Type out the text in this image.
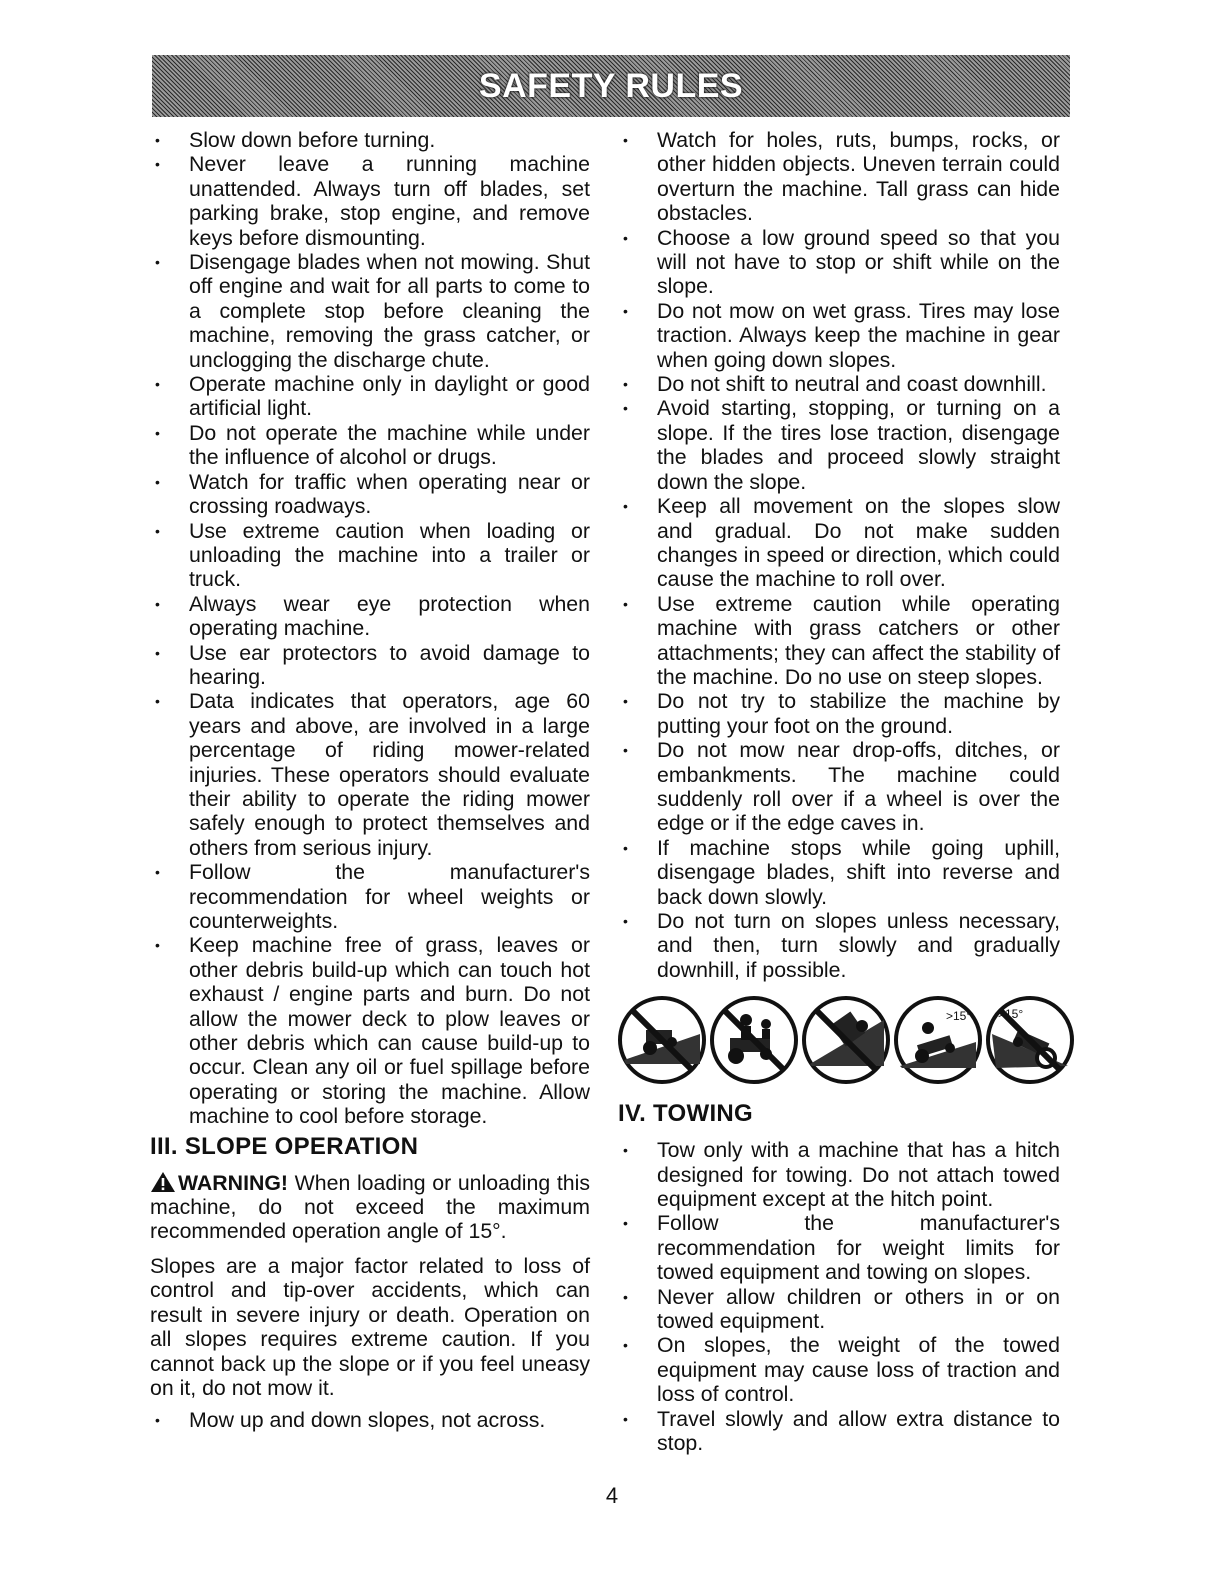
SAFETY RULES
• Slow down before turning.
• Never leave a running machine unattended. Always turn off blades, set parking brake, stop engine, and remove keys before dismounting.
• Disengage blades when not mowing. Shut off engine and wait for all parts to come to a complete stop before cleaning the machine, removing the grass catcher, or unclogging the discharge chute.
• Operate machine only in daylight or good artificial light.
• Do not operate the machine while under the influence of alcohol or drugs.
• Watch for traffic when operating near or crossing roadways.
• Use extreme caution when loading or unloading the machine into a trailer or truck.
• Always wear eye protection when operating machine.
• Use ear protectors to avoid damage to hearing.
• Data indicates that operators, age 60 years and above, are involved in a large percentage of riding mower-related injuries. These operators should evaluate their ability to operate the riding mower safely enough to protect themselves and others from serious injury.
• Follow the manufacturer's recommendation for wheel weights or counterweights.
• Keep machine free of grass, leaves or other debris build-up which can touch hot exhaust / engine parts and burn. Do not allow the mower deck to plow leaves or other debris which can cause build-up to occur. Clean any oil or fuel spillage before operating or storing the machine. Allow machine to cool before storage.
III. SLOPE OPERATION

WARNING! When loading or unloading this machine, do not exceed the maximum recommended operation angle of 15°.

Slopes are a major factor related to loss of control and tip-over accidents, which can result in severe injury or death. Operation on all slopes requires extreme caution. If you cannot back up the slope or if you feel uneasy on it, do not mow it.

• Mow up and down slopes, not across.
• Watch for holes, ruts, bumps, rocks, or other hidden objects. Uneven terrain could overturn the machine. Tall grass can hide obstacles.
• Choose a low ground speed so that you will not have to stop or shift while on the slope.
• Do not mow on wet grass. Tires may lose traction. Always keep the machine in gear when going down slopes.
• Do not shift to neutral and coast downhill.
• Avoid starting, stopping, or turning on a slope. If the tires lose traction, disengage the blades and proceed slowly straight down the slope.
• Keep all movement on the slopes slow and gradual. Do not make sudden changes in speed or direction, which could cause the machine to roll over.
• Use extreme caution while operating machine with grass catchers or other attachments; they can affect the stability of the machine. Do no use on steep slopes.
• Do not try to stabilize the machine by putting your foot on the ground.
• Do not mow near drop-offs, ditches, or embankments. The machine could suddenly roll over if a wheel is over the edge or if the edge caves in.
• If machine stops while going uphill, disengage blades, shift into reverse and back down slowly.
• Do not turn on slopes unless necessary, and then, turn slowly and gradually downhill, if possible.
>15° >15°
IV. TOWING
• Tow only with a machine that has a hitch designed for towing. Do not attach towed equipment except at the hitch point.
• Follow the manufacturer's recommendation for weight limits for towed equipment and towing on slopes.
• Never allow children or others in or on towed equipment.
• On slopes, the weight of the towed equipment may cause loss of traction and loss of control.
• Travel slowly and allow extra distance to stop.
4
